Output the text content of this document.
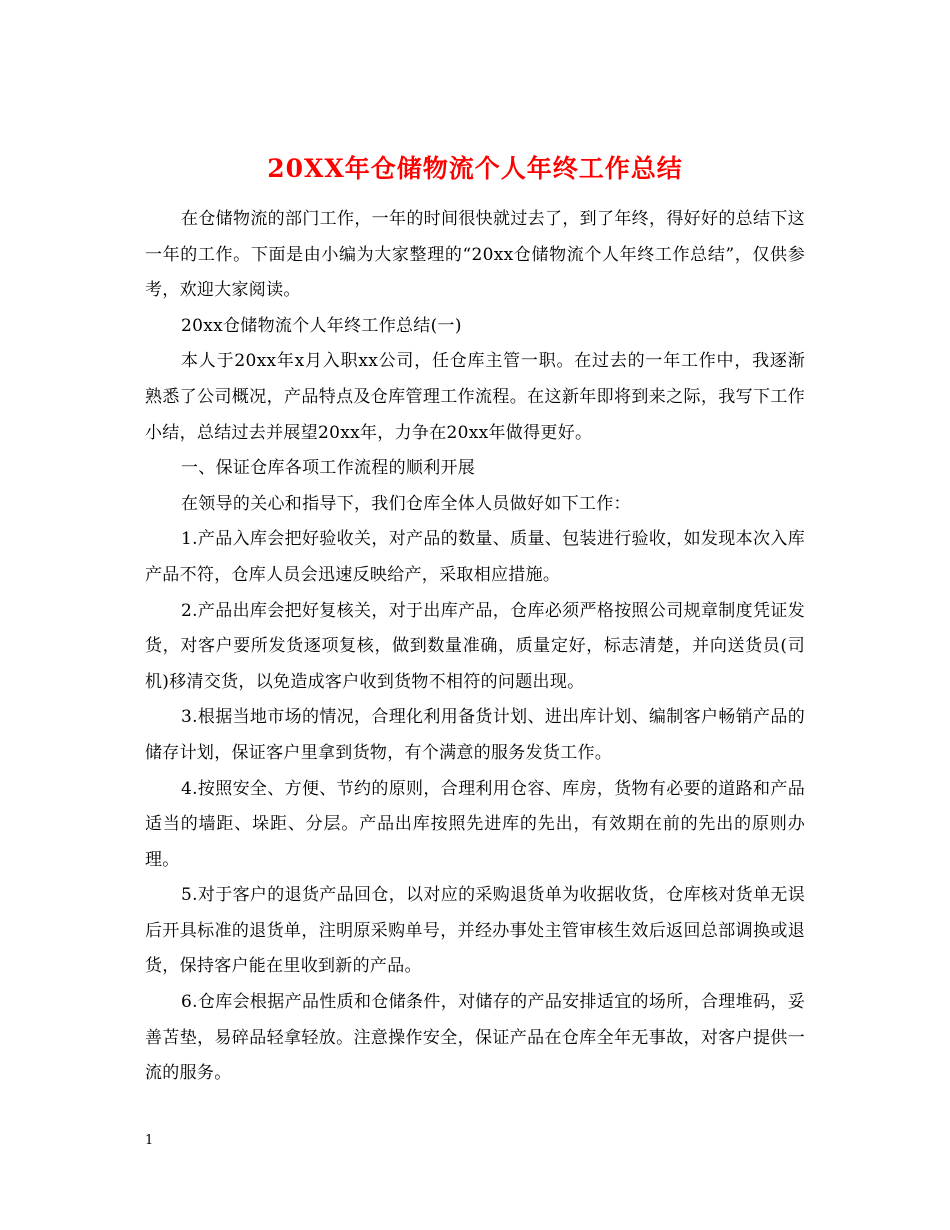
20XX年仓储物流个人年终工作总结

在仓储物流的部门工作，一年的时间很快就过去了，到了年终，得好好的总结下这一年的工作。下面是由小编为大家整理的“20xx仓储物流个人年终工作总结”，仅供参考，欢迎大家阅读。

20xx仓储物流个人年终工作总结(一)

本人于20xx年x月入职xx公司，任仓库主管一职。在过去的一年工作中，我逐渐熟悉了公司概况，产品特点及仓库管理工作流程。在这新年即将到来之际，我写下工作小结，总结过去并展望20xx年，力争在20xx年做得更好。

一、保证仓库各项工作流程的顺利开展

在领导的关心和指导下，我们仓库全体人员做好如下工作：

1.产品入库会把好验收关，对产品的数量、质量、包装进行验收，如发现本次入库产品不符，仓库人员会迅速反映给产，采取相应措施。

2.产品出库会把好复核关，对于出库产品，仓库必须严格按照公司规章制度凭证发货，对客户要所发货逐项复核，做到数量准确，质量定好，标志清楚，并向送货员(司机)移清交货，以免造成客户收到货物不相符的问题出现。

3.根据当地市场的情况，合理化利用备货计划、进出库计划、编制客户畅销产品的储存计划，保证客户里拿到货物，有个满意的服务发货工作。

4.按照安全、方便、节约的原则，合理利用仓容、库房，货物有必要的道路和产品适当的墙距、垛距、分层。产品出库按照先进库的先出，有效期在前的先出的原则办理。

5.对于客户的退货产品回仓，以对应的采购退货单为收据收货，仓库核对货单无误后开具标准的退货单，注明原采购单号，并经办事处主管审核生效后返回总部调换或退货，保持客户能在里收到新的产品。

6.仓库会根据产品性质和仓储条件，对储存的产品安排适宜的场所，合理堆码，妥善苫垫，易碎品轻拿轻放。注意操作安全，保证产品在仓库全年无事故，对客户提供一流的服务。

1
